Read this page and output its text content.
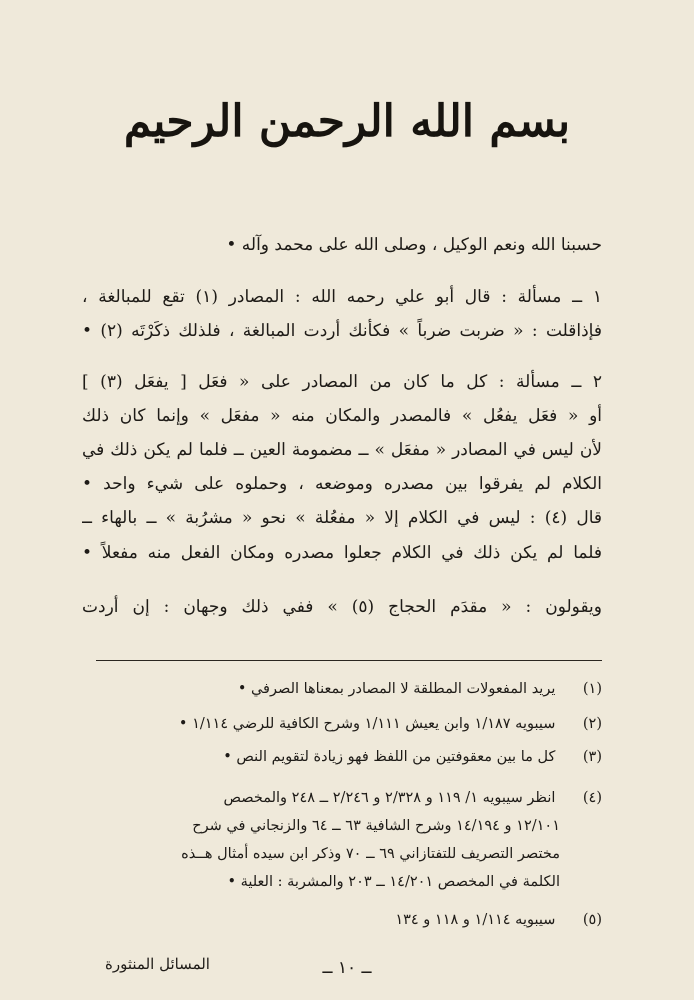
بسم الله الرحمن الرحيم
حسبنا الله ونعم الوكيل ، وصلى الله على محمد وآله •
١ ــ مسألة : قال أبو علي رحمه الله : المصادر (١) تقع للمبالغة ،
فإذاقلت : « ضربت ضرباً » فكأنك أردت المبالغة ، فلذلك ذكَرْتَه (٢) •
٢ ــ مسألة : كل ما كان من المصادر على « فعَل [ يفعَل (٣) ]
أو « فعَل يفعُل » فالمصدر والمكان منه « مفعَل » وإنما كان ذلك
لأن ليس في المصادر « مفعَل » ــ مضمومة العين ــ فلما لم يكن ذلك في
الكلام لم يفرقوا بين مصدره وموضعه ، وحملوه على شيء واحد •
قال (٤) : ليس في الكلام إلا « مفعُلة » نحو « مشرُبة » ــ بالهاء ــ
فلما لم يكن ذلك في الكلام جعلوا مصدره ومكان الفعل منه مفعلاً •
ويقولون : « مقدَم الحجاج (٥) » ففي ذلك وجهان : إن أردت
(١) يريد المفعولات المطلقة لا المصادر بمعناها الصرفي •
(٢) سيبويه ١/١٨٧ وابن يعيش ١/١١١ وشرح الكافية للرضي ١/١١٤ •
(٣) كل ما بين معقوفتين من اللفظ فهو زيادة لتقويم النص •
(٤) انظر سيبويه ١/ ١١٩ و ٢/٣٢٨ و ٢/٢٤٦ ــ ٢٤٨ والمخصص
١٢/١٠١ و ١٤/١٩٤ وشرح الشافية ٦٣ ــ ٦٤ والزنجاني في شرح
مختصر التصريف للتفتازاني ٦٩ ــ ٧٠ وذكر ابن سيده أمثال هــذه
الكلمة في المخصص ١٤/٢٠١ ــ ٢٠٣ والمشربة : العلية •
(٥) سيبويه ١/١١٤ و ١١٨ و ١٣٤
المسائل المنثورة	ــ ١٠ ــ
